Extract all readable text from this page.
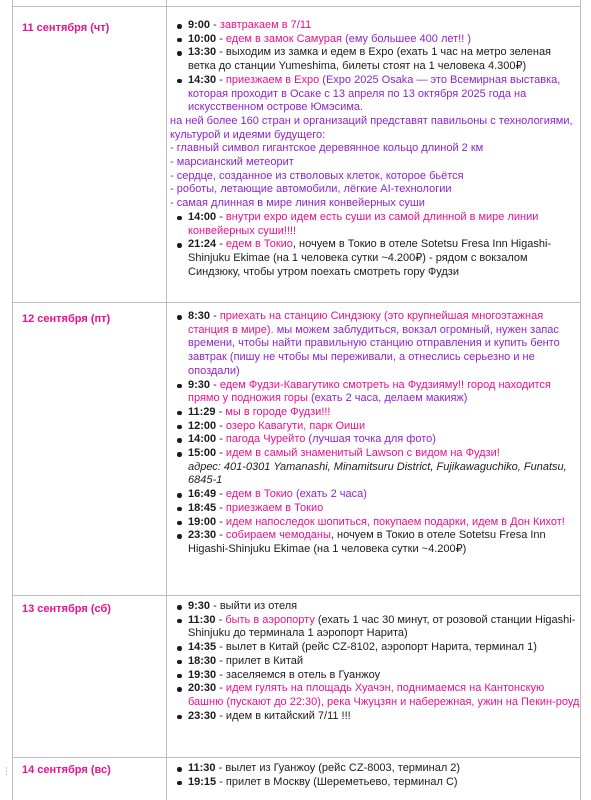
11 сентября (чт)	9:00 - завтракаем в 7/11
10:00 - едем в замок Самурая (ему большее 400 лет!! )
13:30 - выходим из замка и едем в Expo (ехать 1 час на метро зеленая ветка до станции Yumeshima, билеты стоят на 1 человека 4.300₽)
14:30 - приезжаем в Expo (Expo 2025 Osaka — это Всемирная выставка, которая проходит в Осаке с 13 апреля по 13 октября 2025 года на искусственном острове Юмэсима.
на ней более 160 стран и организаций представят павильоны с технологиями, культурой и идеями будущего:
- главный символ гигантское деревянное кольцо длиной 2 км
- марсианский метеорит
- сердце, созданное из стволовых клеток, которое бьётся
- роботы, летающие автомобили, лёгкие AI-технологии
- самая длинная в мире линия конвейерных суши
14:00 - внутри expo идем есть суши из самой длинной в мире линии конвейерных суши!!!!
21:24 - едем в Токио, ночуем в Токио в отеле Sotetsu Fresa Inn Higashi-Shinjuku Ekimae (на 1 человека сутки ~4.200₽) - рядом с вокзалом Синдзюку, чтобы утром поехать смотреть гору Фудзи
12 сентября (пт)	8:30 - приехать на станцию Синдзюку (это крупнейшая многоэтажная станция в мире). мы можем заблудиться, вокзал огромный, нужен запас времени, чтобы найти правильную станцию отправления и купить бенто завтрак (пишу не чтобы мы переживали, а отнеслись серьезно и не опоздали)
9:30 - едем Фудзи-Кавагутико смотреть на Фудзияму!! город находится прямо у подножия горы (ехать 2 часа, делаем макияж)
11:29 - мы в городе Фудзи!!!
12:00 - озеро Кавагути, парк Оиши
14:00 - пагода Чурейто (лучшая точка для фото)
15:00 - идем в самый знаменитый Lawson с видом на Фудзи!
адрес: 401-0301 Yamanashi, Minamitsuru District, Fujikawaguchiko, Funatsu, 6845-1
16:49 - едем в Токио (ехать 2 часа)
18:45 - приезжаем в Токио
19:00 - идем напоследок шопиться, покупаем подарки, идем в Дон Кихот!
23:30 - собираем чемоданы, ночуем в Токио в отеле Sotetsu Fresa Inn Higashi-Shinjuku Ekimae (на 1 человека сутки ~4.200₽)
13 сентября (сб)	9:30 - выйти из отеля
11:30 - быть в аэропорту (ехать 1 час 30 минут, от розовой станции Higashi-Shinjuku до терминала 1 аэропорт Нарита)
14:35 - вылет в Китай (рейс CZ-8102, аэропорт Нарита, терминал 1)
18:30 - прилет в Китай
19:30 - заселяемся в отель в Гуанжоу
20:30 - идем гулять на площадь Хуачэн, поднимаемся на Кантонскую башню (пускают до 22:30), река Чжуцзян и набережная, ужин на Пекин-роуд
23:30 - идем в китайский 7/11 !!!
14 сентября (вс)	11:30 - вылет из Гуанжоу (рейс CZ-8003, терминал 2)
19:15 - прилет в Москву (Шереметьево, терминал С)
⋮
